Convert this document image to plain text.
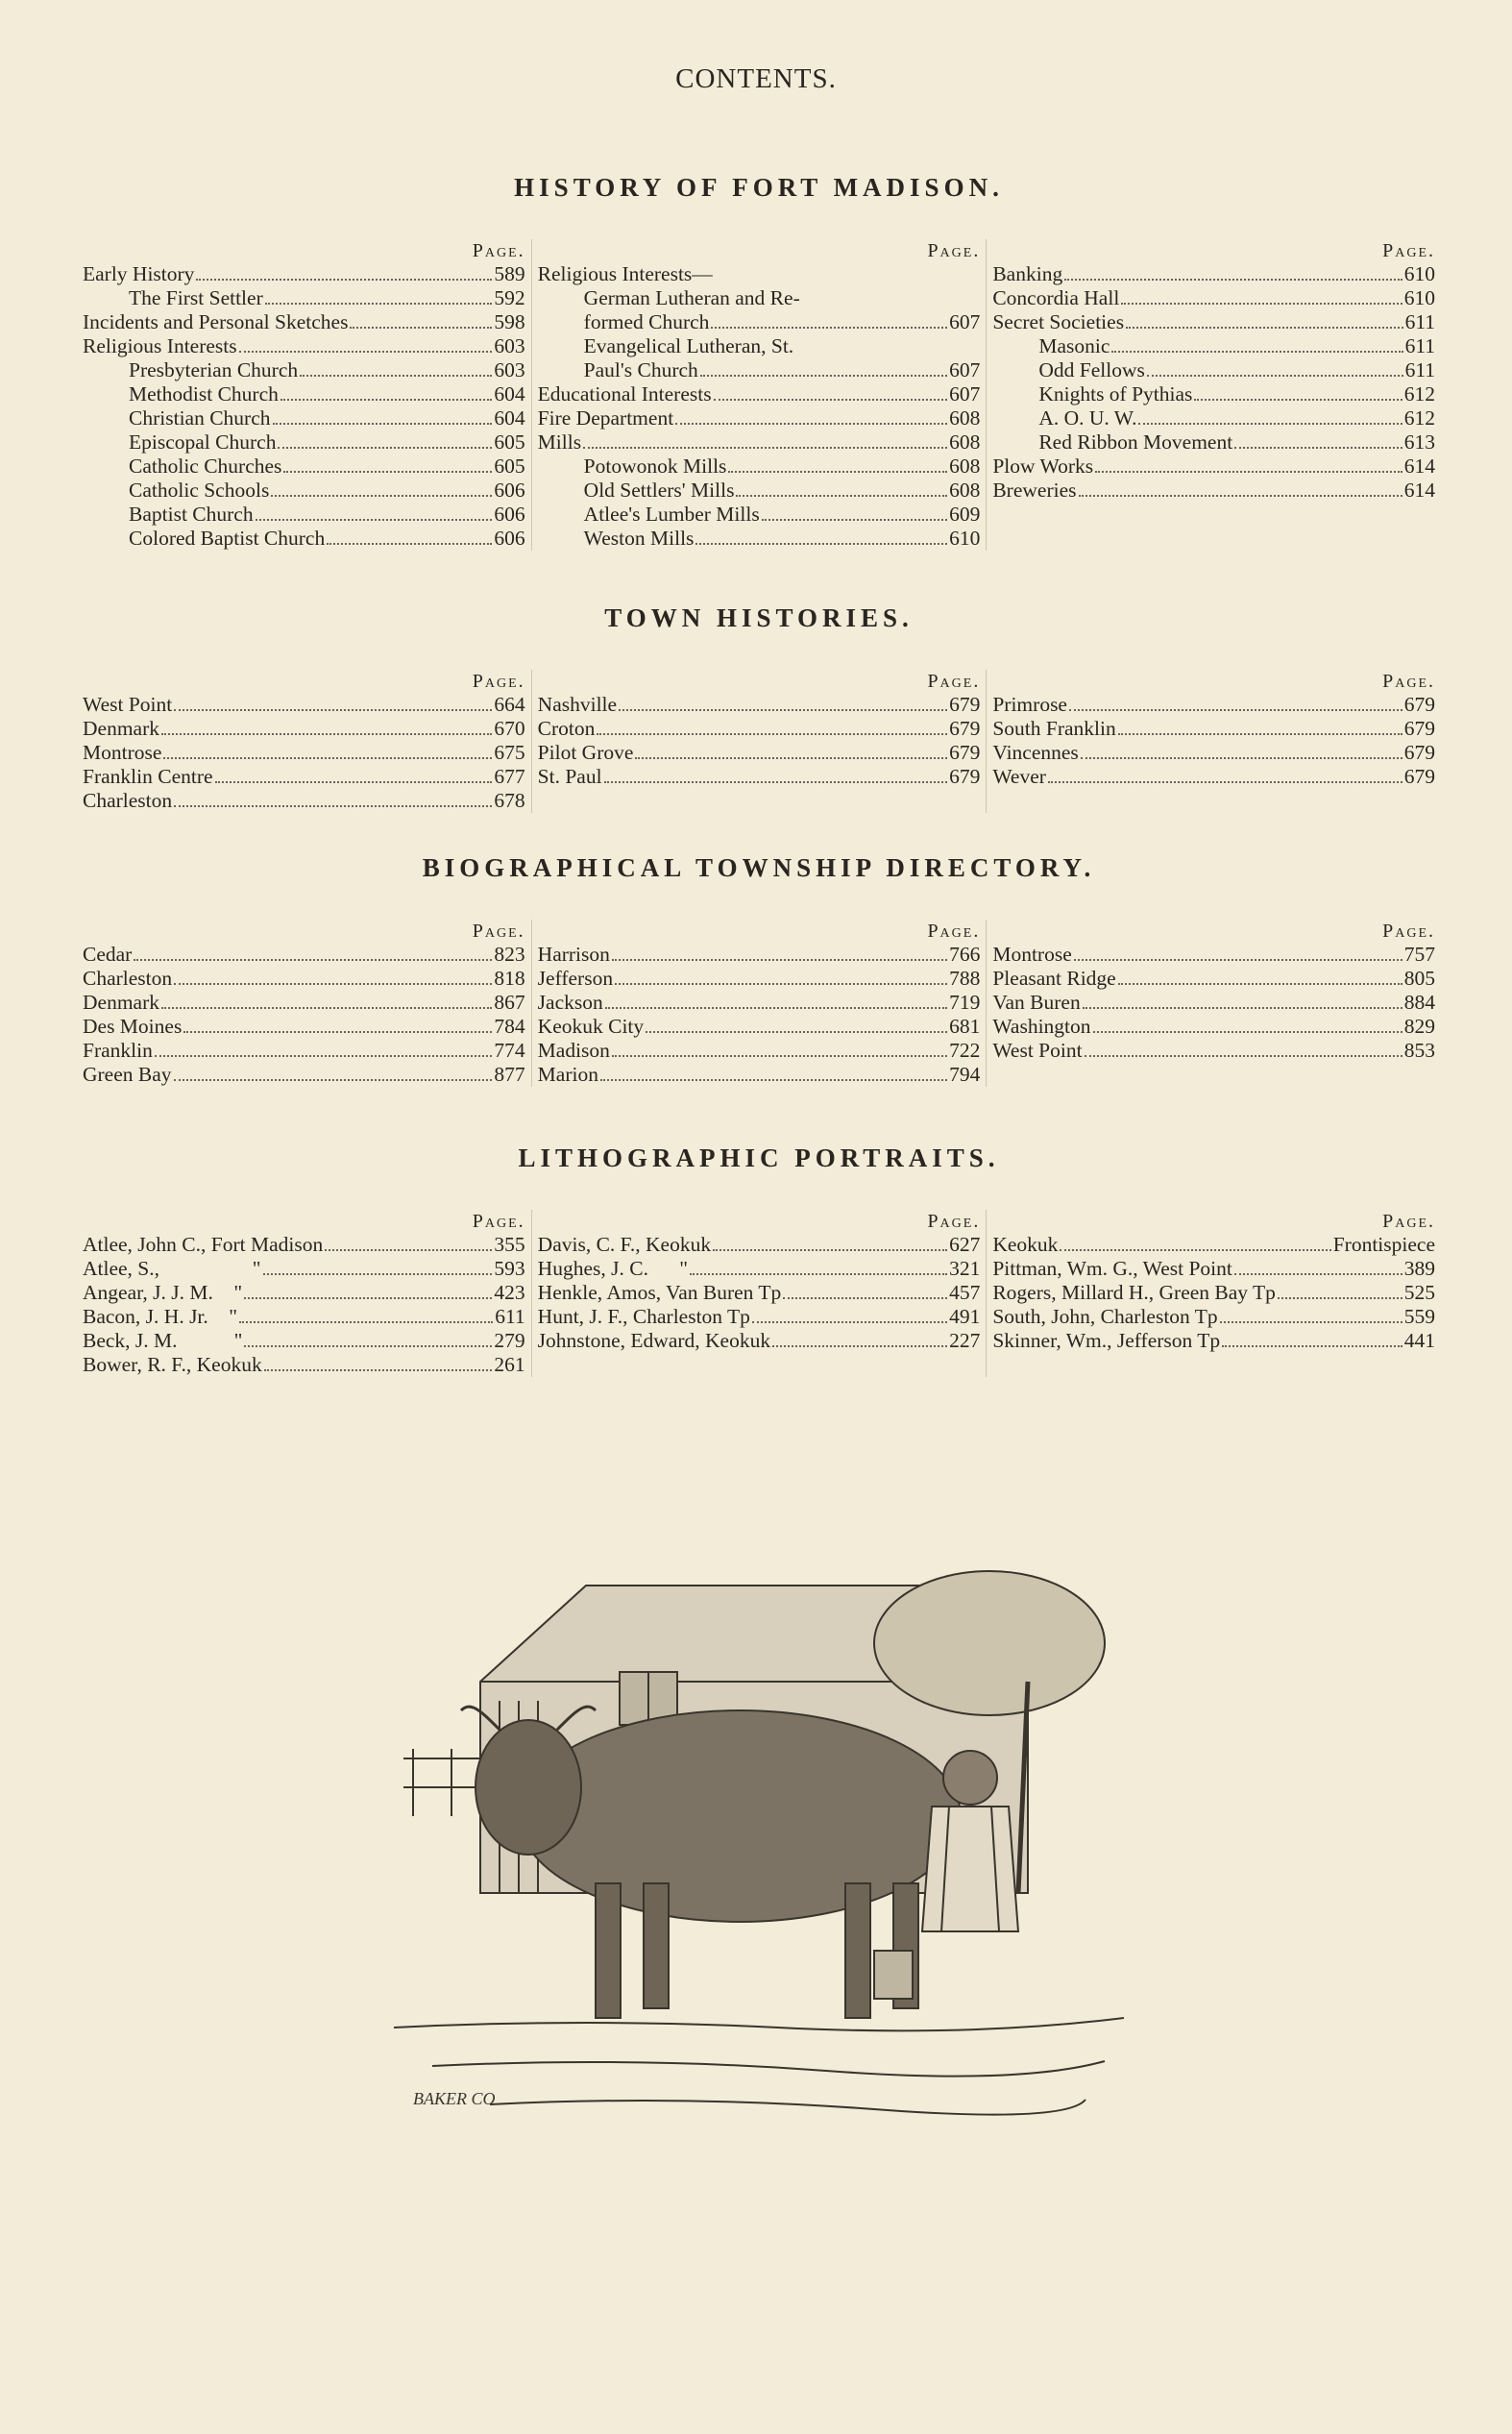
CONTENTS.
HISTORY OF FORT MADISON.
Page.
Early History	589
The First Settler	592
Incidents and Personal Sketches	598
Religious Interests	603
Presbyterian Church	603
Methodist Church	604
Christian Church	604
Episcopal Church	605
Catholic Churches	605
Catholic Schools	606
Baptist Church	606
Colored Baptist Church	606
Page.
Religious Interests—
German Lutheran and Re-
formed Church	607
Evangelical Lutheran, St.
Paul's Church	607
Educational Interests	607
Fire Department	608
Mills	608
Potowonok Mills	608
Old Settlers' Mills	608
Atlee's Lumber Mills	609
Weston Mills	610
Page.
Banking	610
Concordia Hall	610
Secret Societies	611
Masonic	611
Odd Fellows	611
Knights of Pythias	612
A. O. U. W.	612
Red Ribbon Movement	613
Plow Works	614
Breweries	614
TOWN HISTORIES.
Page.
West Point	664
Denmark	670
Montrose	675
Franklin Centre	677
Charleston	678
Page.
Nashville	679
Croton	679
Pilot Grove	679
St. Paul	679
Page.
Primrose	679
South Franklin	679
Vincennes	679
Wever	679
BIOGRAPHICAL TOWNSHIP DIRECTORY.
Page.
Cedar	823
Charleston	818
Denmark	867
Des Moines	784
Franklin	774
Green Bay	877
Page.
Harrison	766
Jefferson	788
Jackson	719
Keokuk City	681
Madison	722
Marion	794
Page.
Montrose	757
Pleasant Ridge	805
Van Buren	884
Washington	829
West Point	853
LITHOGRAPHIC PORTRAITS.
Page.
Atlee, John C., Fort Madison	355
Atlee, S.,                  "	593
Angear, J. J. M.    "	423
Bacon, J. H. Jr.    "	611
Beck, J. M.           "	279
Bower, R. F., Keokuk	261
Page.
Davis, C. F., Keokuk	627
Hughes, J. C.      "	321
Henkle, Amos, Van Buren Tp	457
Hunt, J. F., Charleston Tp	491
Johnstone, Edward, Keokuk	227
Page.
Keokuk	Frontispiece
Pittman, Wm. G., West Point	389
Rogers, Millard H., Green Bay Tp	525
South, John, Charleston Tp	559
Skinner, Wm., Jefferson Tp	441
BAKER CO
